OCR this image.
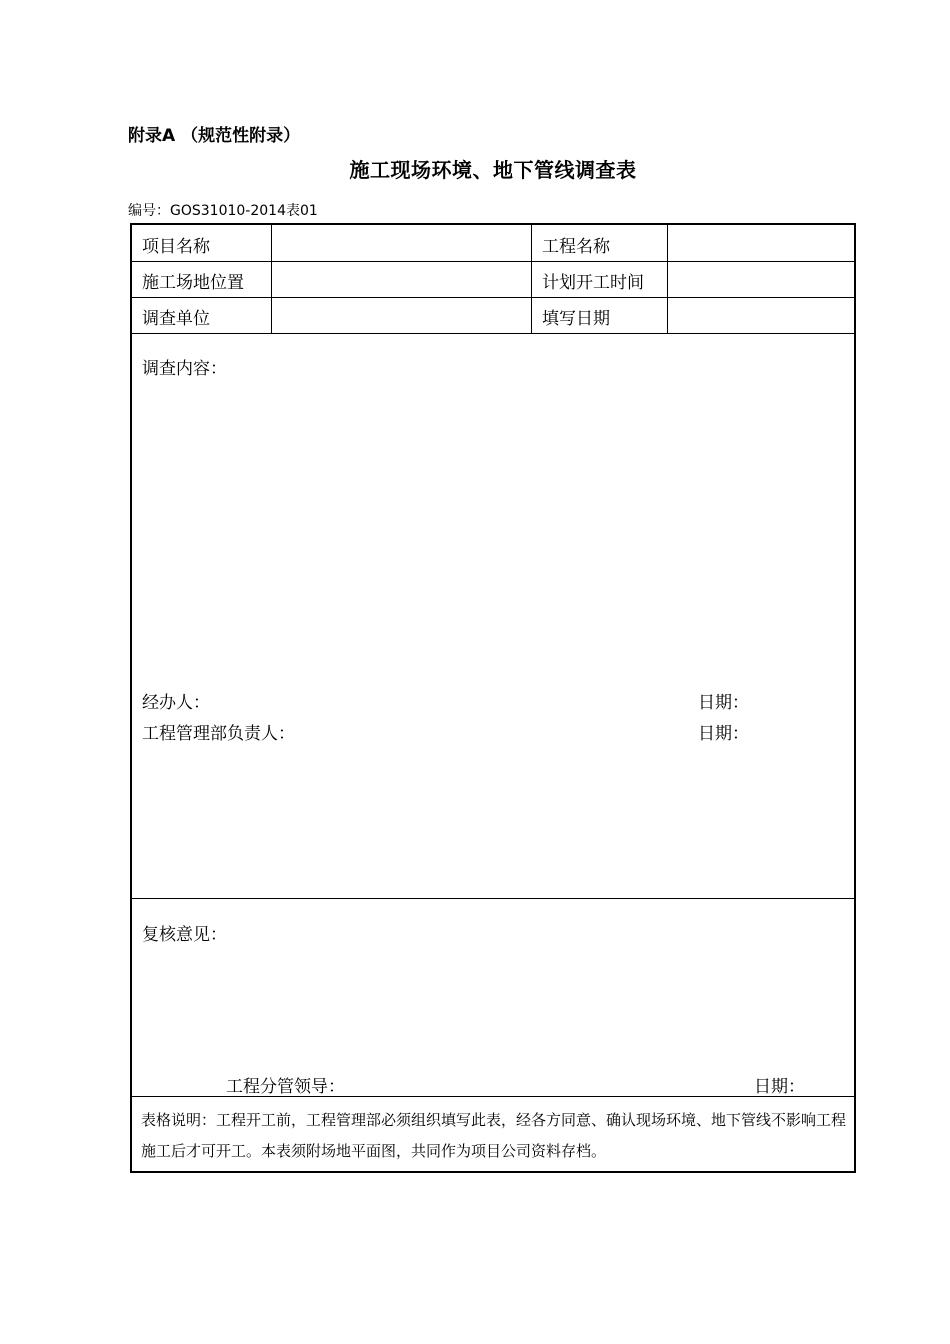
附录A （规范性附录）
施工现场环境、地下管线调查表
编号：GOS31010-2014表01
项目名称	工程名称
施工场地位置	计划开工时间
调查单位	填写日期
调查内容：
经办人：	日期：
工程管理部负责人：	日期：
复核意见：
工程分管领导：	日期：
表格说明：工程开工前，工程管理部必须组织填写此表，经各方同意、确认现场环境、地下管线不影响工程施工后才可开工。本表须附场地平面图，共同作为项目公司资料存档。
